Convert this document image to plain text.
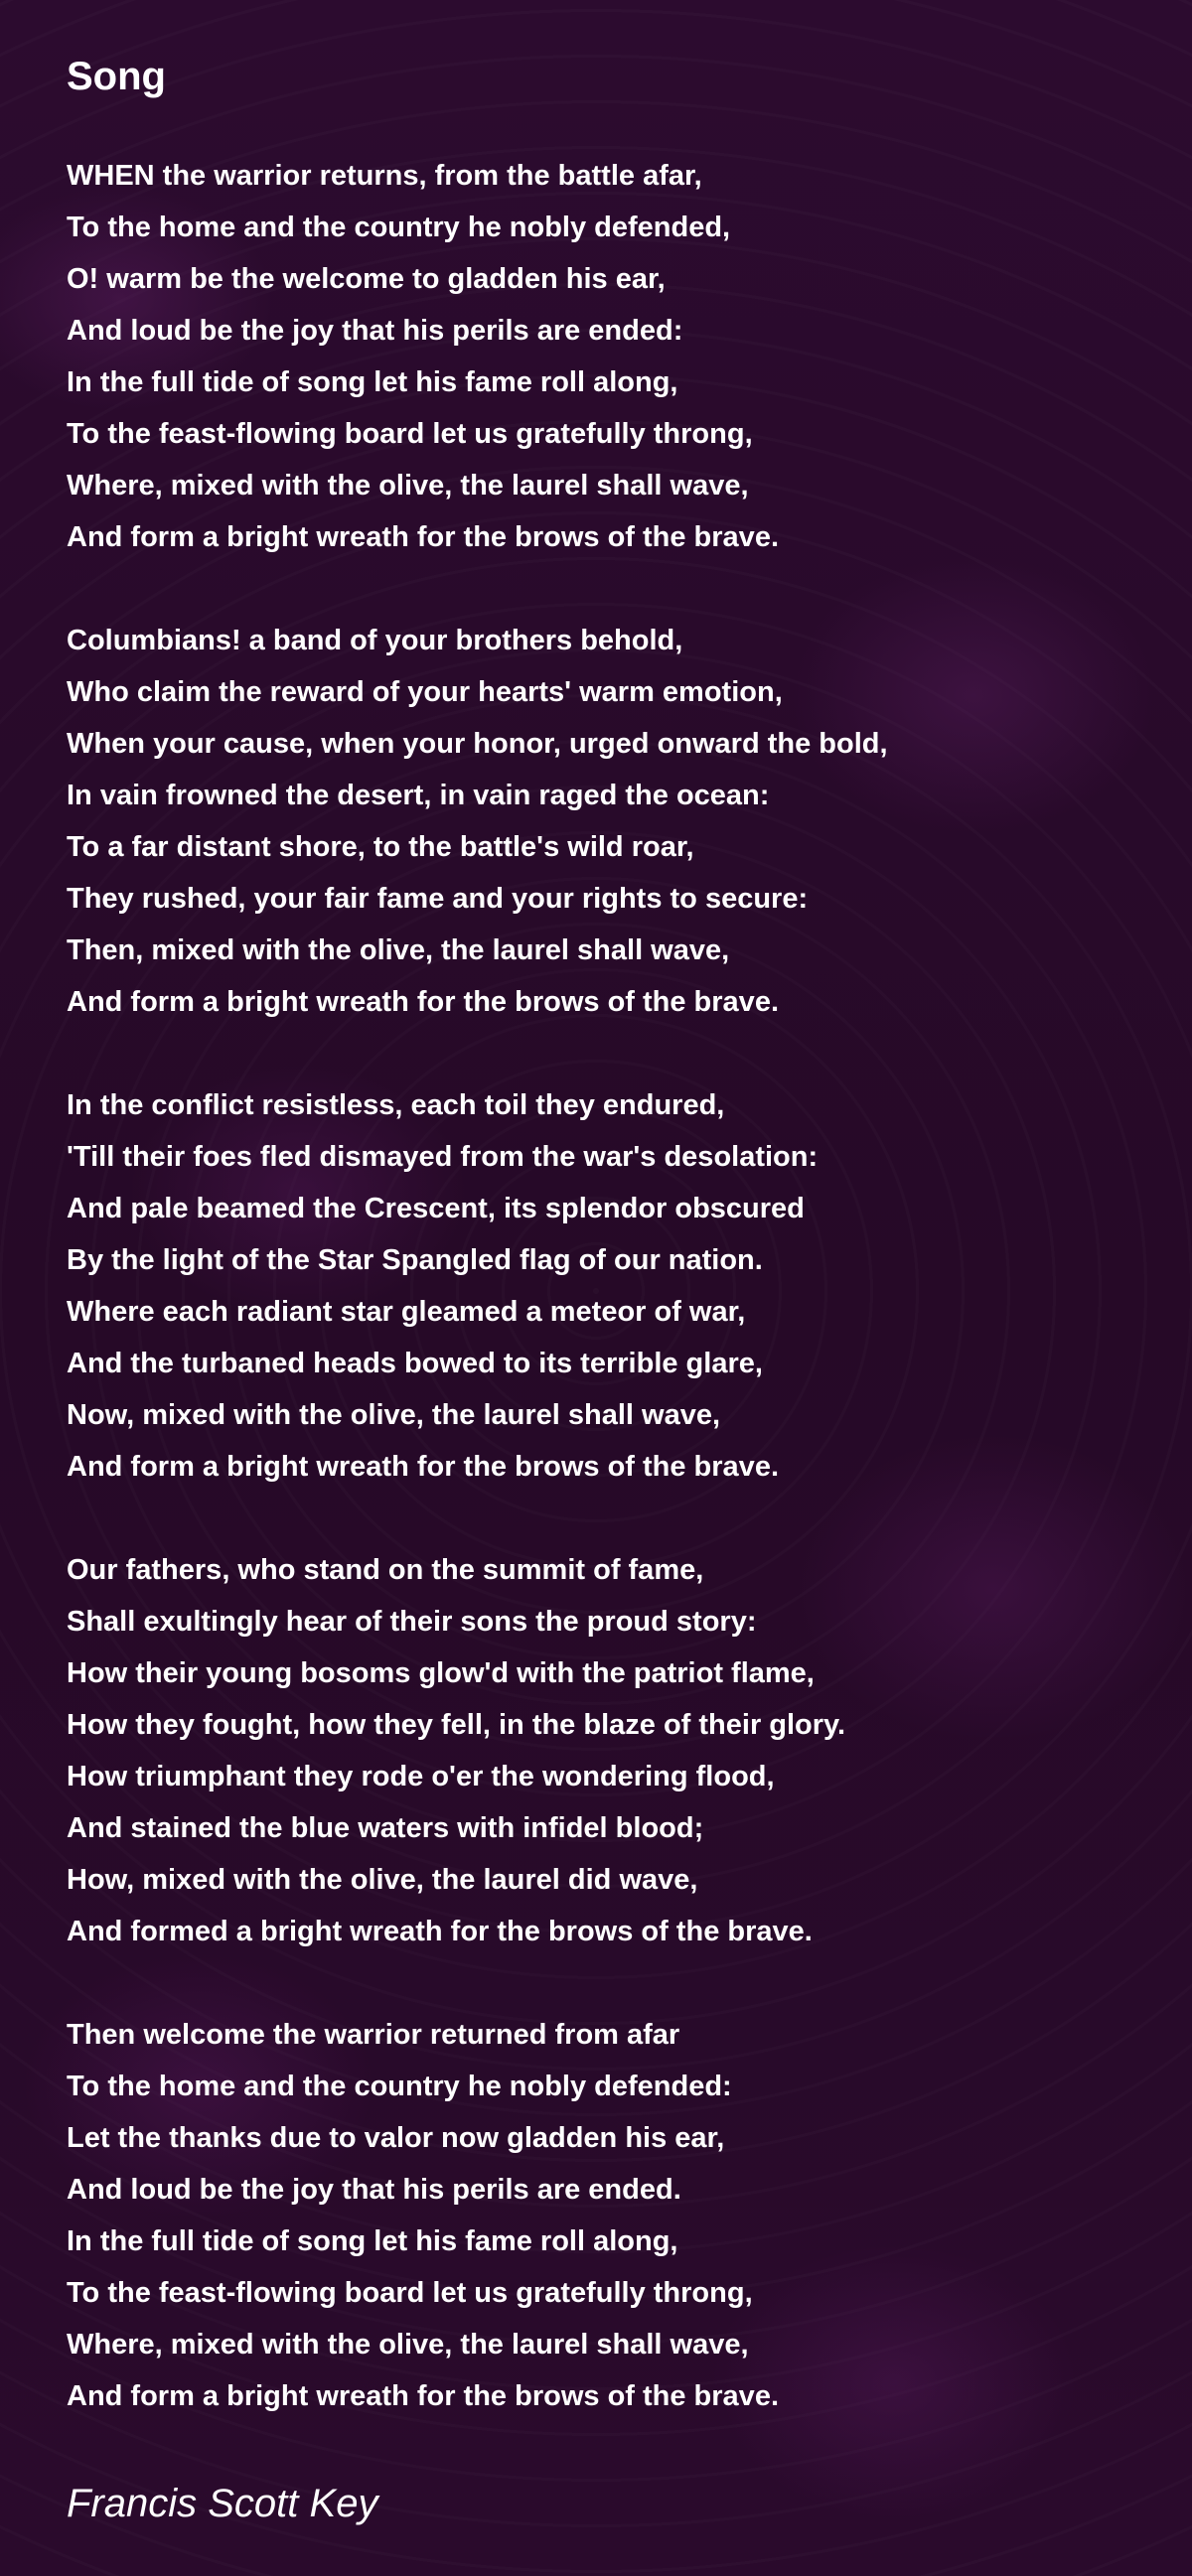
Song
WHEN the warrior returns, from the battle afar,
To the home and the country he nobly defended,
O! warm be the welcome to gladden his ear,
And loud be the joy that his perils are ended:
In the full tide of song let his fame roll along,
To the feast-flowing board let us gratefully throng,
Where, mixed with the olive, the laurel shall wave,
And form a bright wreath for the brows of the brave.
Columbians! a band of your brothers behold,
Who claim the reward of your hearts' warm emotion,
When your cause, when your honor, urged onward the bold,
In vain frowned the desert, in vain raged the ocean:
To a far distant shore, to the battle's wild roar,
They rushed, your fair fame and your rights to secure:
Then, mixed with the olive, the laurel shall wave,
And form a bright wreath for the brows of the brave.
In the conflict resistless, each toil they endured,
'Till their foes fled dismayed from the war's desolation:
And pale beamed the Crescent, its splendor obscured
By the light of the Star Spangled flag of our nation.
Where each radiant star gleamed a meteor of war,
And the turbaned heads bowed to its terrible glare,
Now, mixed with the olive, the laurel shall wave,
And form a bright wreath for the brows of the brave.
Our fathers, who stand on the summit of fame,
Shall exultingly hear of their sons the proud story:
How their young bosoms glow'd with the patriot flame,
How they fought, how they fell, in the blaze of their glory.
How triumphant they rode o'er the wondering flood,
And stained the blue waters with infidel blood;
How, mixed with the olive, the laurel did wave,
And formed a bright wreath for the brows of the brave.
Then welcome the warrior returned from afar
To the home and the country he nobly defended:
Let the thanks due to valor now gladden his ear,
And loud be the joy that his perils are ended.
In the full tide of song let his fame roll along,
To the feast-flowing board let us gratefully throng,
Where, mixed with the olive, the laurel shall wave,
And form a bright wreath for the brows of the brave.
Francis Scott Key
